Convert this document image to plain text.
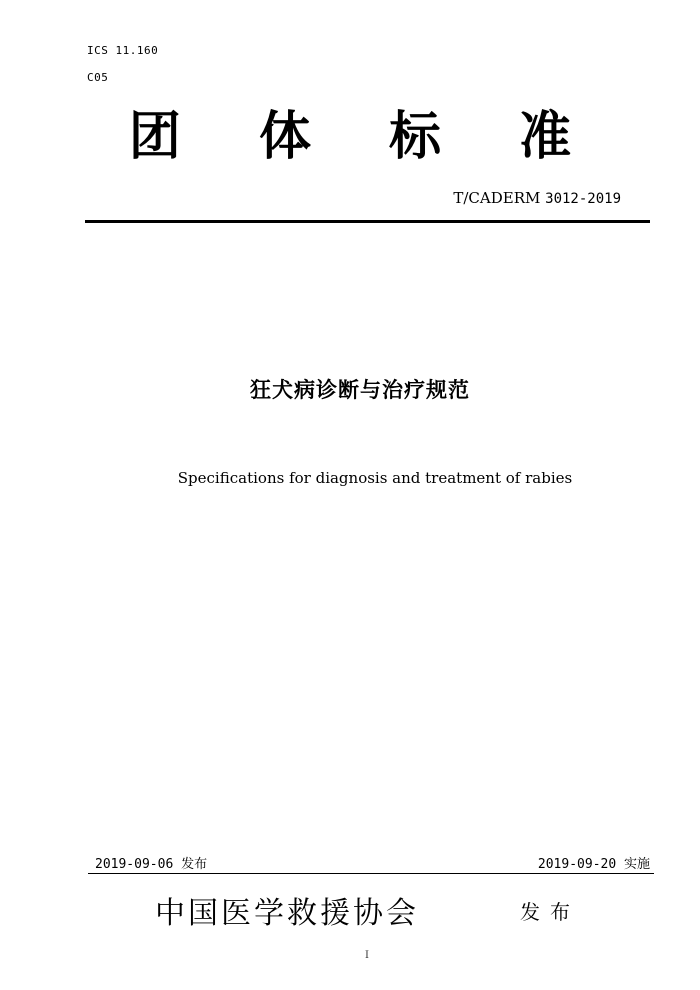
ICS 11.160
C05
团 体 标 准
T/CADERM 3012-2019
狂犬病诊断与治疗规范
Specifications for diagnosis and treatment of rabies
2019-09-06 发布	2019-09-20 实施
中国医学救援协会	发布
I
